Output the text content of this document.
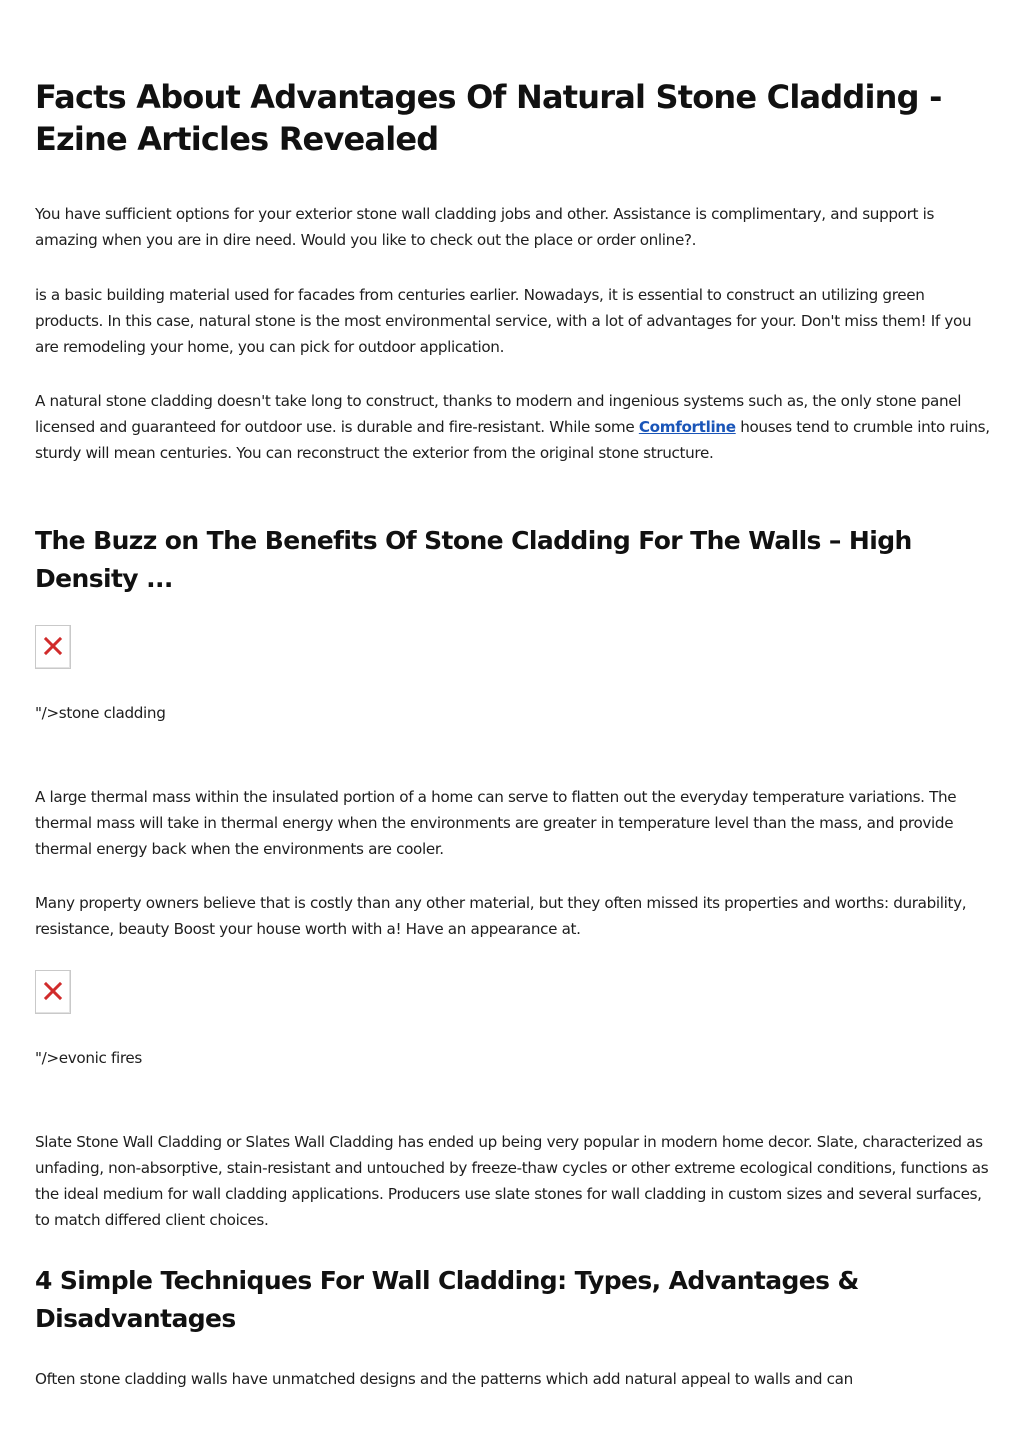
Facts About Advantages Of Natural Stone Cladding - Ezine Articles Revealed

You have sufficient options for your exterior stone wall cladding jobs and other. Assistance is complimentary, and support is amazing when you are in dire need. Would you like to check out the place or order online?.

is a basic building material used for facades from centuries earlier. Nowadays, it is essential to construct an utilizing green products. In this case, natural stone is the most environmental service, with a lot of advantages for your. Don't miss them! If you are remodeling your home, you can pick for outdoor application.

A natural stone cladding doesn't take long to construct, thanks to modern and ingenious systems such as, the only stone panel licensed and guaranteed for outdoor use. is durable and fire-resistant. While some Comfortline houses tend to crumble into ruins, sturdy will mean centuries. You can reconstruct the exterior from the original stone structure.

The Buzz on The Benefits Of Stone Cladding For The Walls – High Density ...
"/>stone cladding

A large thermal mass within the insulated portion of a home can serve to flatten out the everyday temperature variations. The thermal mass will take in thermal energy when the environments are greater in temperature level than the mass, and provide thermal energy back when the environments are cooler.

Many property owners believe that is costly than any other material, but they often missed its properties and worths: durability, resistance, beauty Boost your house worth with a! Have an appearance at.

"/>evonic fires

Slate Stone Wall Cladding or Slates Wall Cladding has ended up being very popular in modern home decor. Slate, characterized as unfading, non-absorptive, stain-resistant and untouched by freeze-thaw cycles or other extreme ecological conditions, functions as the ideal medium for wall cladding applications. Producers use slate stones for wall cladding in custom sizes and several surfaces, to match differed client choices.

4 Simple Techniques For Wall Cladding: Types, Advantages & Disadvantages

Often stone cladding walls have unmatched designs and the patterns which add natural appeal to walls and can
